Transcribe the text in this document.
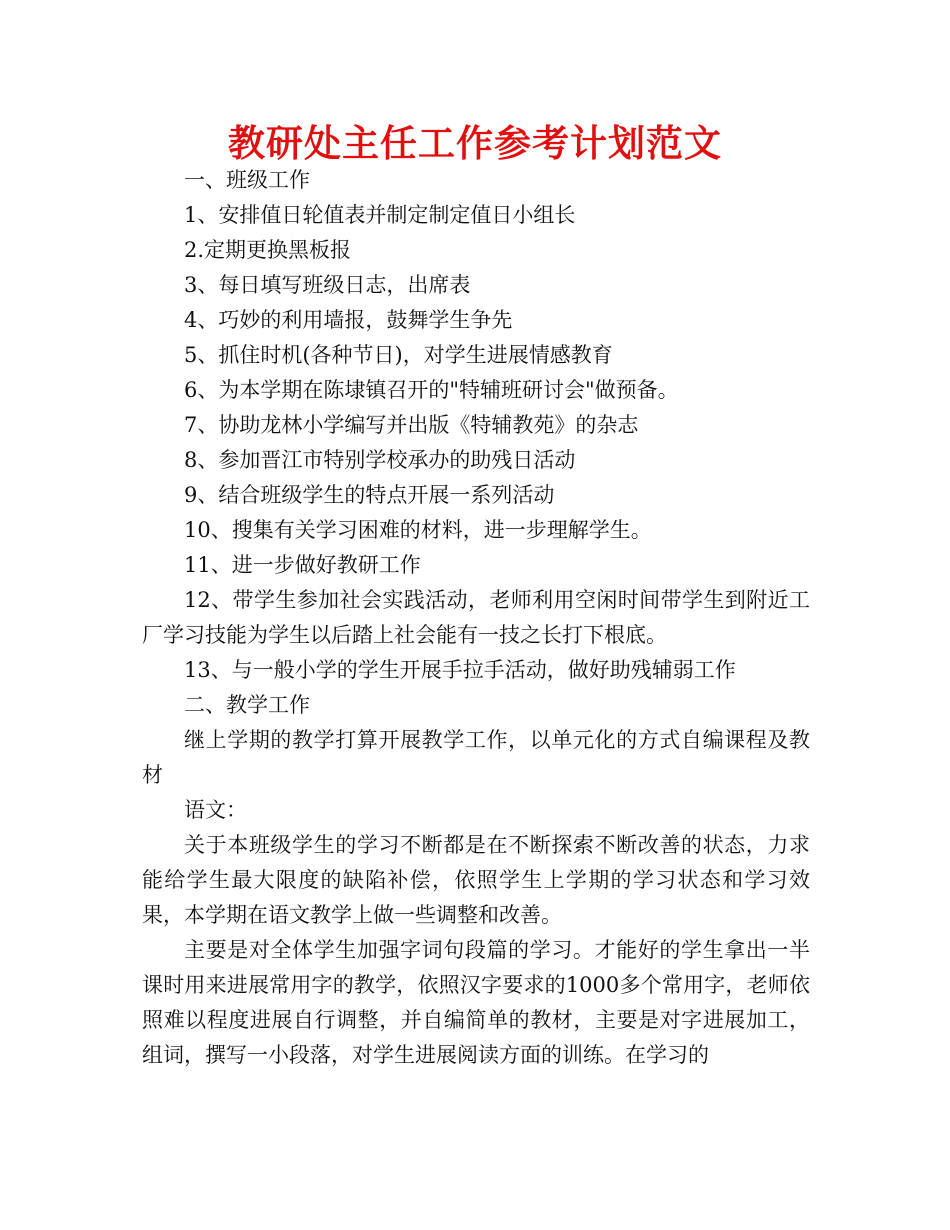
教研处主任工作参考计划范文

一、班级工作

1、安排值日轮值表并制定制定值日小组长

2.定期更换黑板报

3、每日填写班级日志，出席表

4、巧妙的利用墙报，鼓舞学生争先

5、抓住时机(各种节日)，对学生进展情感教育

6、为本学期在陈埭镇召开的"特辅班研讨会"做预备。

7、协助龙林小学编写并出版《特辅教苑》的杂志

8、参加晋江市特别学校承办的助残日活动

9、结合班级学生的特点开展一系列活动

10、搜集有关学习困难的材料，进一步理解学生。

11、进一步做好教研工作

12、带学生参加社会实践活动，老师利用空闲时间带学生到附近工厂学习技能为学生以后踏上社会能有一技之长打下根底。

13、与一般小学的学生开展手拉手活动，做好助残辅弱工作

二、教学工作

继上学期的教学打算开展教学工作，以单元化的方式自编课程及教材

语文：

关于本班级学生的学习不断都是在不断探索不断改善的状态，力求能给学生最大限度的缺陷补偿，依照学生上学期的学习状态和学习效果，本学期在语文教学上做一些调整和改善。

主要是对全体学生加强字词句段篇的学习。才能好的学生拿出一半课时用来进展常用字的教学，依照汉字要求的1000多个常用字，老师依照难以程度进展自行调整，并自编简单的教材，主要是对字进展加工，组词，撰写一小段落，对学生进展阅读方面的训练。在学习的
